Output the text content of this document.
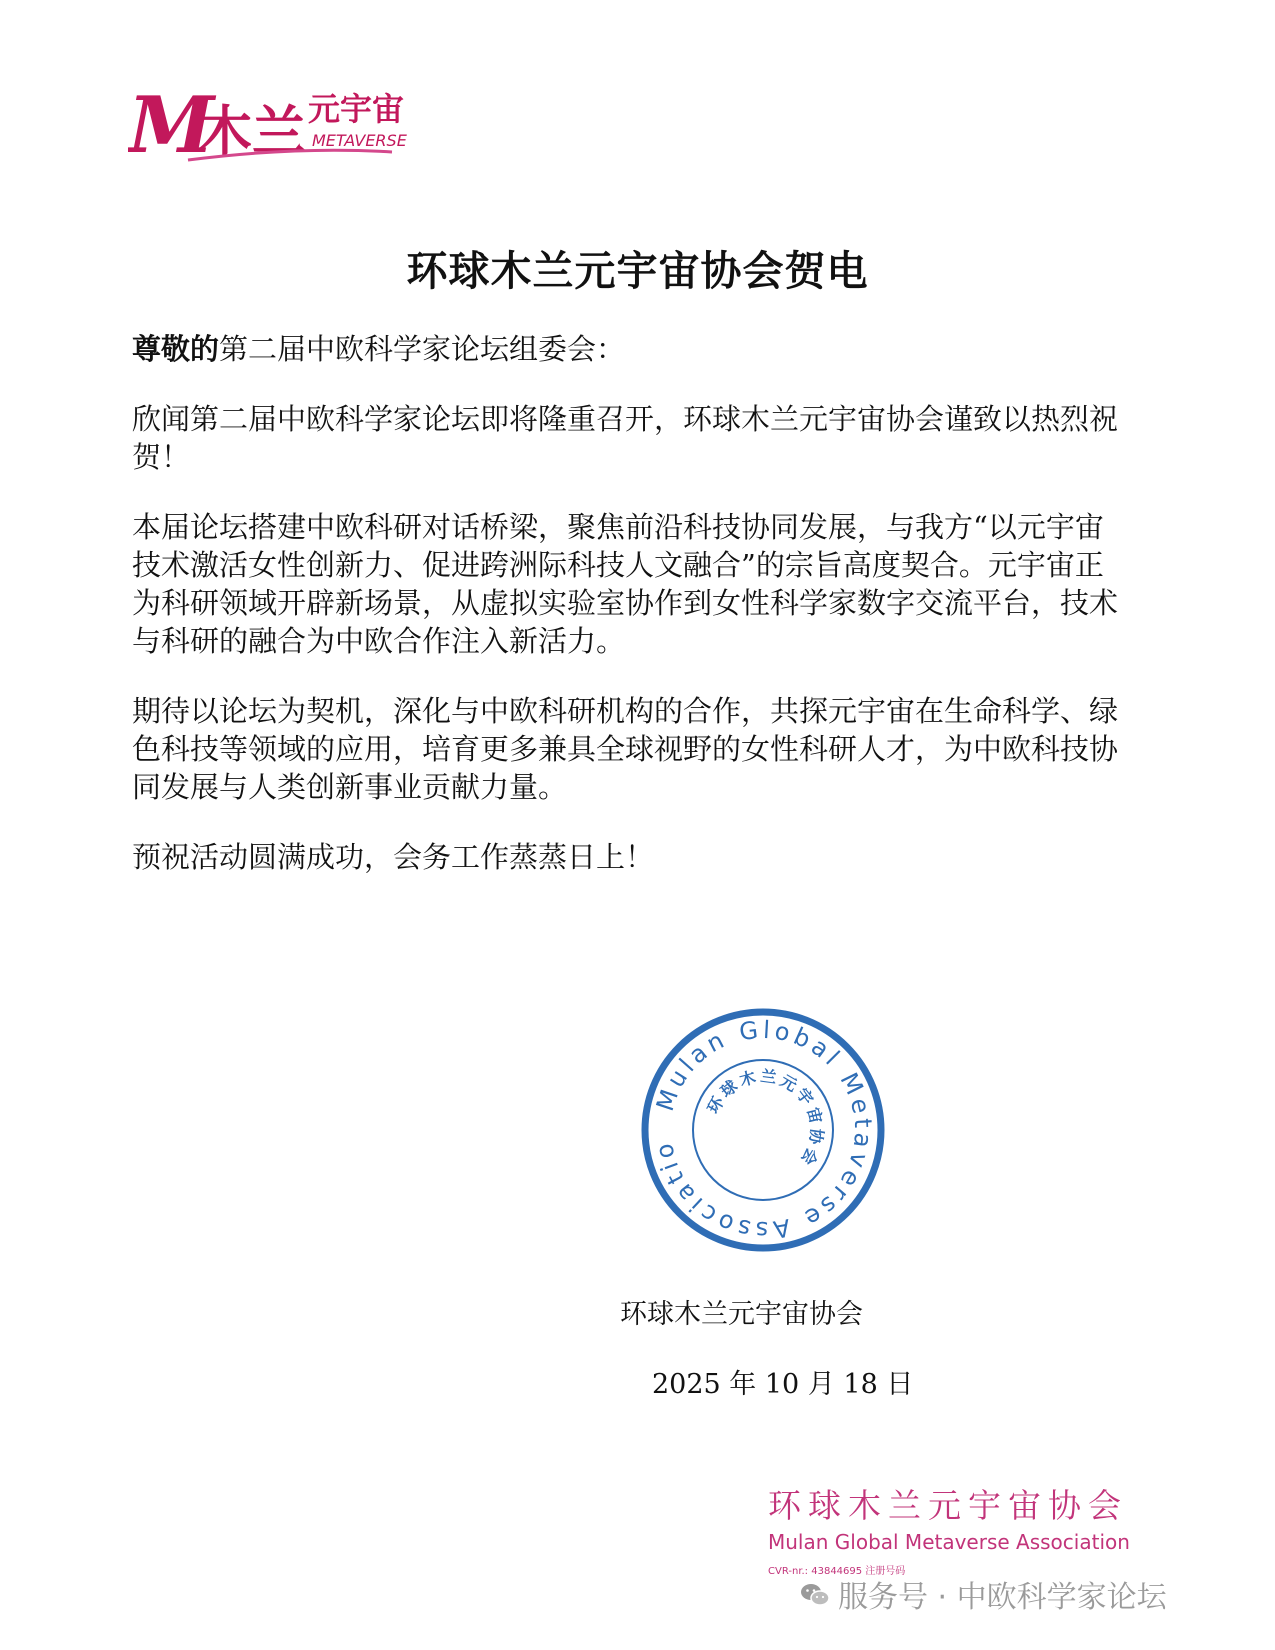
M
木兰 元宇宙
METAVERSE
环球木兰元宇宙协会贺电

尊敬的第二届中欧科学家论坛组委会：

欣闻第二届中欧科学家论坛即将隆重召开，环球木兰元宇宙协会谨致以热烈祝贺！

本届论坛搭建中欧科研对话桥梁，聚焦前沿科技协同发展，与我方“以元宇宙技术激活女性创新力、促进跨洲际科技人文融合”的宗旨高度契合。元宇宙正为科研领域开辟新场景，从虚拟实验室协作到女性科学家数字交流平台，技术与科研的融合为中欧合作注入新活力。

期待以论坛为契机，深化与中欧科研机构的合作，共探元宇宙在生命科学、绿色科技等领域的应用，培育更多兼具全球视野的女性科研人才，为中欧科技协同发展与人类创新事业贡献力量。

预祝活动圆满成功，会务工作蒸蒸日上！

Mulan Global Metaverse Associatio
环球木兰元宇宙协会
环球木兰元宇宙协会
2025 年 10 月 18 日
环球木兰元宇宙协会
Mulan Global Metaverse Association
CVR-nr.: 43844695 注册号码
服务号 · 中欧科学家论坛
